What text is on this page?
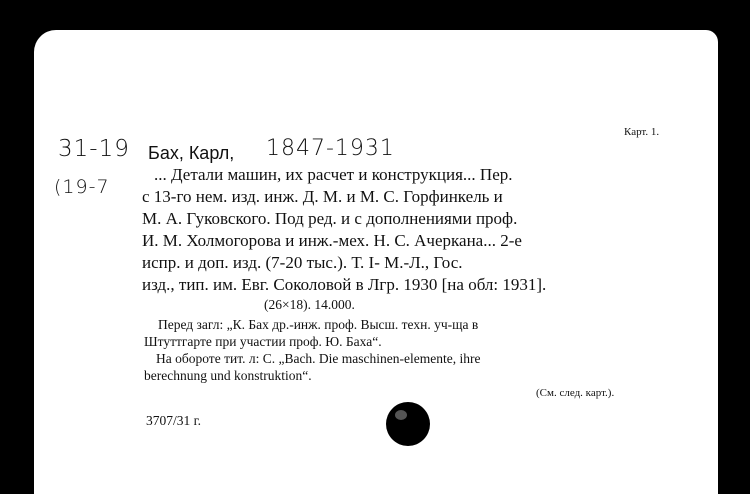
Карт. 1.
31-19
(19-7
Бах, Карл, 1847-1931
... Детали машин, их расчет и конструкция... Пер.
с 13-го нем. изд. инж. Д. М. и М. С. Горфинкель и
М. А. Гуковского. Под ред. и с дополнениями проф.
И. М. Холмогорова и инж.-мех. Н. С. Ачеркана... 2-е
испр. и доп. изд. (7-20 тыс.). Т. I- М.-Л., Гос.
изд., тип. им. Евг. Соколовой в Лгр. 1930 [на обл: 1931].
(26×18). 14.000.
Перед загл: „К. Бах др.-инж. проф. Высш. техн. уч-ща в
Штуттгарте при участии проф. Ю. Баха“.
На обороте тит. л: C. „Bach. Die maschinen-elemente, ihre
berechnung und konstruktion“.
(См. след. карт.).
3707/31 г.
